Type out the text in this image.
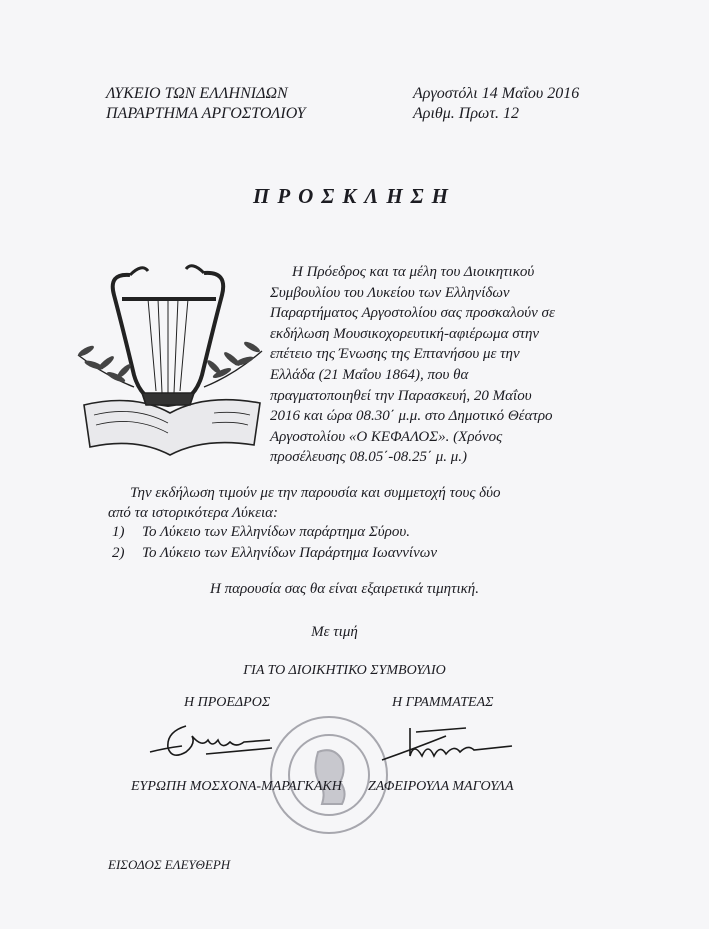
ΛΥΚΕΙΟ ΤΩΝ ΕΛΛΗΝΙΔΩΝ
ΠΑΡΑΡΤΗΜΑ ΑΡΓΟΣΤΟΛΙΟΥ
Αργοστόλι 14 Μαΐου 2016
Αριθμ. Πρωτ. 12
ΠΡΟΣΚΛΗΣΗ
Η Πρόεδρος και τα μέλη του Διοικητικού
Συμβουλίου του Λυκείου των Ελληνίδων
Παραρτήματος Αργοστολίου σας προσκαλούν σε
εκδήλωση Μουσικοχορευτική-αφιέρωμα στην
επέτειο της Ένωσης της Επτανήσου με την
Ελλάδα (21 Μαΐου 1864), που θα
πραγματοποιηθεί την Παρασκευή, 20 Μαΐου
2016 και ώρα 08.30΄ μ.μ. στο Δημοτικό Θέατρο
Αργοστολίου «Ο ΚΕΦΑΛΟΣ». (Χρόνος
προσέλευσης 08.05΄-08.25΄ μ. μ.)
Την εκδήλωση τιμούν με την παρουσία και συμμετοχή τους δύο
από τα ιστορικότερα Λύκεια:
1) Το Λύκειο των Ελληνίδων παράρτημα Σύρου.
2) Το Λύκειο των Ελληνίδων Παράρτημα Ιωαννίνων
Η παρουσία σας θα είναι εξαιρετικά τιμητική.
Με τιμή
ΓΙΑ ΤΟ ΔΙΟΙΚΗΤΙΚΟ ΣΥΜΒΟΥΛΙΟ
Η ΠΡΟΕΔΡΟΣ	Η ΓΡΑΜΜΑΤΕΑΣ
ΕΥΡΩΠΗ ΜΟΣΧΟΝΑ-ΜΑΡΑΓΚΑΚΗ ΖΑΦΕΙΡΟΥΛΑ ΜΑΓΟΥΛΑ
ΕΙΣΟΔΟΣ ΕΛΕΥΘΕΡΗ
